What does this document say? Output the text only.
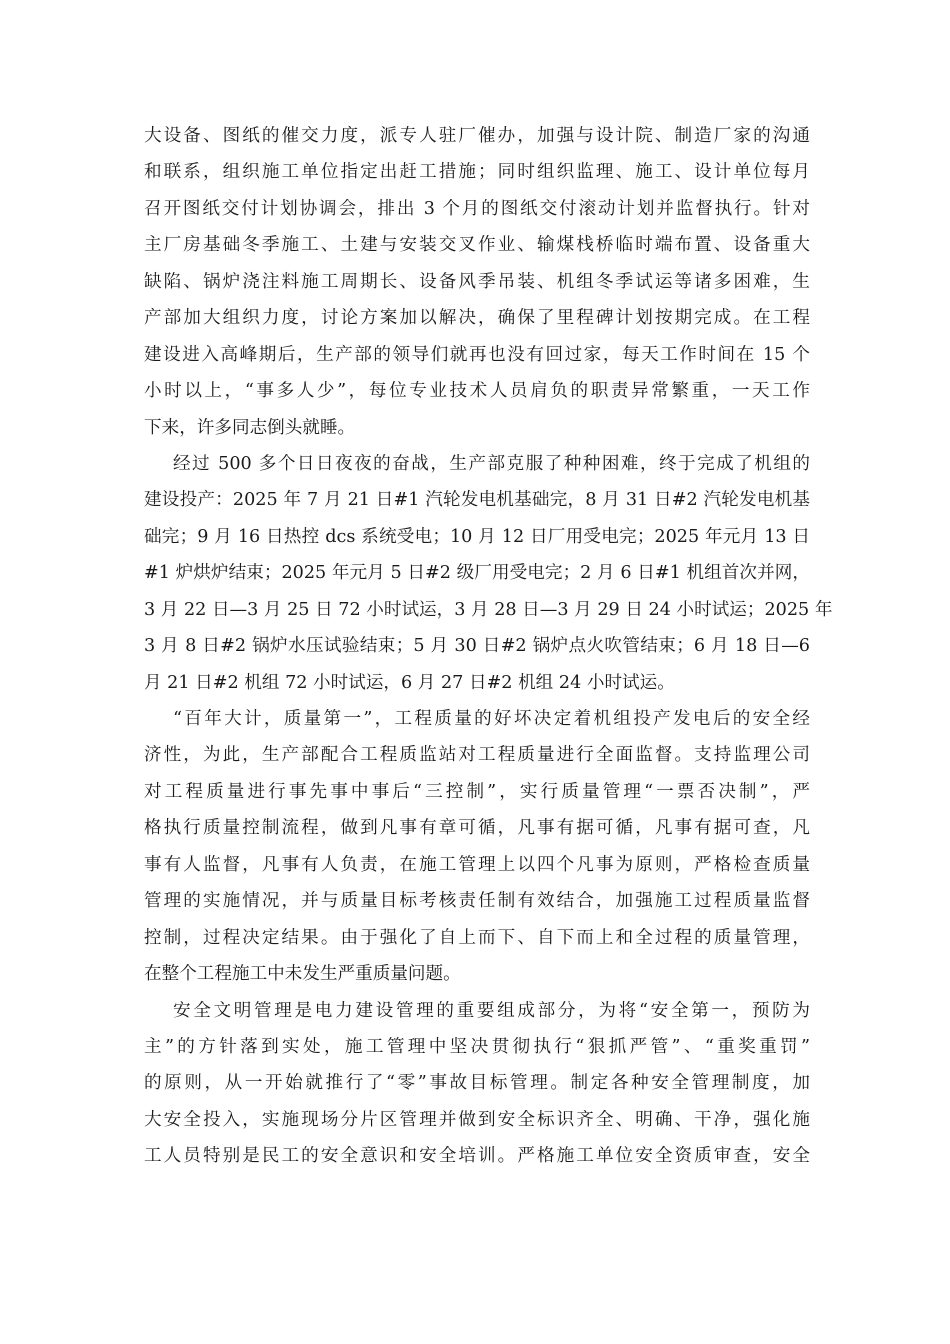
大设备、图纸的催交力度，派专人驻厂催办，加强与设计院、制造厂家的沟通
和联系，组织施工单位指定出赶工措施；同时组织监理、施工、设计单位每月
召开图纸交付计划协调会，排出 3 个月的图纸交付滚动计划并监督执行。针对
主厂房基础冬季施工、土建与安装交叉作业、输煤栈桥临时端布置、设备重大
缺陷、锅炉浇注料施工周期长、设备风季吊装、机组冬季试运等诸多困难，生
产部加大组织力度，讨论方案加以解决，确保了里程碑计划按期完成。在工程
建设进入高峰期后，生产部的领导们就再也没有回过家，每天工作时间在 15 个
小时以上，“事多人少”，每位专业技术人员肩负的职责异常繁重，一天工作
下来，许多同志倒头就睡。
经过 500 多个日日夜夜的奋战，生产部克服了种种困难，终于完成了机组的
建设投产：2025 年 7 月 21 日#1 汽轮发电机基础完，8 月 31 日#2 汽轮发电机基
础完；9 月 16 日热控 dcs 系统受电；10 月 12 日厂用受电完；2025 年元月 13 日
#1 炉烘炉结束；2025 年元月 5 日#2 级厂用受电完；2 月 6 日#1 机组首次并网，
3 月 22 日—3 月 25 日 72 小时试运，3 月 28 日—3 月 29 日 24 小时试运；2025 年
3 月 8 日#2 锅炉水压试验结束；5 月 30 日#2 锅炉点火吹管结束；6 月 18 日—6
月 21 日#2 机组 72 小时试运，6 月 27 日#2 机组 24 小时试运。
“百年大计，质量第一”，工程质量的好坏决定着机组投产发电后的安全经
济性，为此，生产部配合工程质监站对工程质量进行全面监督。支持监理公司
对工程质量进行事先事中事后“三控制”，实行质量管理“一票否决制”，严
格执行质量控制流程，做到凡事有章可循，凡事有据可循，凡事有据可查，凡
事有人监督，凡事有人负责，在施工管理上以四个凡事为原则，严格检查质量
管理的实施情况，并与质量目标考核责任制有效结合，加强施工过程质量监督
控制，过程决定结果。由于强化了自上而下、自下而上和全过程的质量管理，
在整个工程施工中未发生严重质量问题。
安全文明管理是电力建设管理的重要组成部分，为将“安全第一，预防为
主”的方针落到实处，施工管理中坚决贯彻执行“狠抓严管”、“重奖重罚”
的原则，从一开始就推行了“零”事故目标管理。制定各种安全管理制度，加
大安全投入，实施现场分片区管理并做到安全标识齐全、明确、干净，强化施
工人员特别是民工的安全意识和安全培训。严格施工单位安全资质审查，安全
